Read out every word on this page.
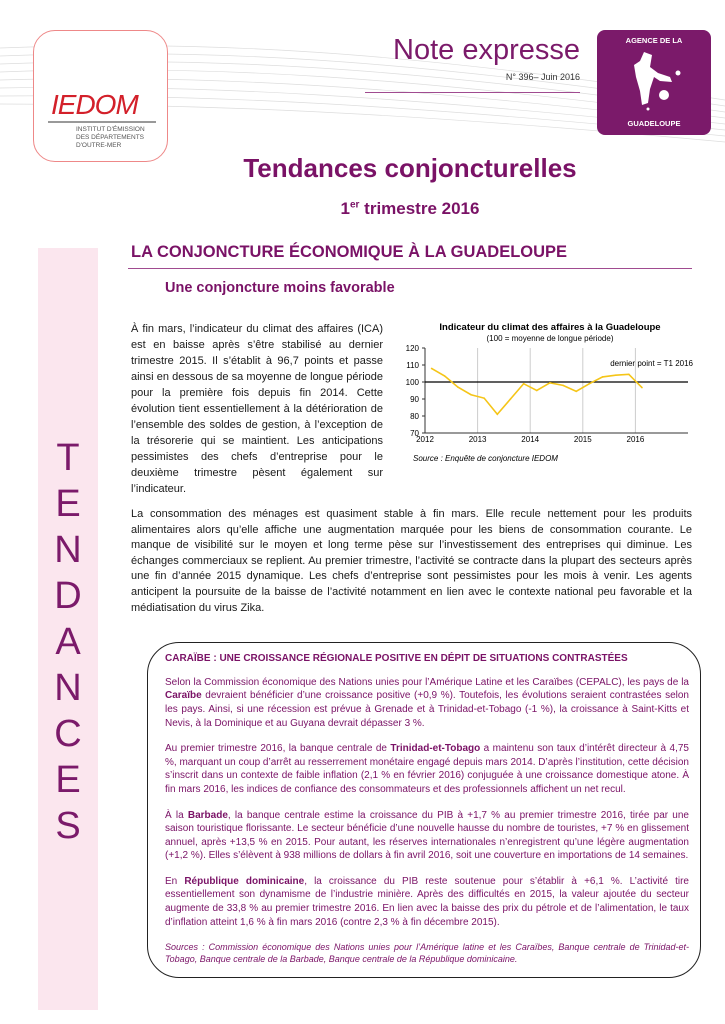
IEDOM
INSTITUT D'ÉMISSION
DES DÉPARTEMENTS
D'OUTRE-MER
Note expresse
N° 396– Juin 2016
AGENCE DE LA
GUADELOUPE
Tendances conjoncturelles
1er trimestre 2016
T
E
N
D
A
N
C
E
S
LA CONJONCTURE ÉCONOMIQUE À LA GUADELOUPE
Une conjoncture moins favorable

À fin mars, l’indicateur du climat des affaires (ICA) est en baisse après s’être stabilisé au dernier trimestre 2015. Il s’établit à 96,7 points et passe ainsi en dessous de sa moyenne de longue période pour la première fois depuis fin 2014. Cette évolution tient essentiellement à la détérioration de l’ensemble des soldes de gestion, à l’exception de la trésorerie qui se maintient. Les anticipations pessimistes des chefs d’entreprise pour le deuxième trimestre pèsent également sur l’indicateur.

Indicateur du climat des affaires à la Guadeloupe
(100 = moyenne de longue période)
2012	2013	2014	2015	2016
70
80
90
100
110
120
dernier point = T1 2016
Source : Enquête de conjoncture IEDOM

La consommation des ménages est quasiment stable à fin mars. Elle recule nettement pour les produits alimentaires alors qu’elle affiche une augmentation marquée pour les biens de consommation courante. Le manque de visibilité sur le moyen et long terme pèse sur l’investissement des entreprises qui diminue. Les échanges commerciaux se replient. Au premier trimestre, l’activité se contracte dans la plupart des secteurs après une fin d’année 2015 dynamique. Les chefs d’entreprise sont pessimistes pour les mois à venir. Les agents anticipent la poursuite de la baisse de l’activité notamment en lien avec le contexte national peu favorable et la médiatisation du virus Zika.

CARAÏBE : UNE CROISSANCE RÉGIONALE POSITIVE EN DÉPIT DE SITUATIONS CONTRASTÉES

Selon la Commission économique des Nations unies pour l’Amérique Latine et les Caraïbes (CEPALC), les pays de la Caraïbe devraient bénéficier d’une croissance positive (+0,9 %). Toutefois, les évolutions seraient contrastées selon les pays. Ainsi, si une récession est prévue à Grenade et à Trinidad-et-Tobago (-1 %), la croissance à Saint-Kitts et Nevis, à la Dominique et au Guyana devrait dépasser 3 %.

Au premier trimestre 2016, la banque centrale de Trinidad-et-Tobago a maintenu son taux d’intérêt directeur à 4,75 %, marquant un coup d’arrêt au resserrement monétaire engagé depuis mars 2014. D’après l’institution, cette décision s’inscrit dans un contexte de faible inflation (2,1 % en février 2016) conjuguée à une croissance domestique atone. À fin mars 2016, les indices de confiance des consommateurs et des professionnels affichent un net recul.

À la Barbade, la banque centrale estime la croissance du PIB à +1,7 % au premier trimestre 2016, tirée par une saison touristique florissante. Le secteur bénéficie d’une nouvelle hausse du nombre de touristes, +7 % en glissement annuel, après +13,5 % en 2015. Pour autant, les réserves internationales n’enregistrent qu’une légère augmentation (+1,2 %). Elles s’élèvent à 938 millions de dollars à fin avril 2016, soit une couverture en importations de 14 semaines.

En République dominicaine, la croissance du PIB reste soutenue pour s’établir à +6,1 %. L’activité tire essentiellement son dynamisme de l’industrie minière. Après des difficultés en 2015, la valeur ajoutée du secteur augmente de 33,8 % au premier trimestre 2016. En lien avec la baisse des prix du pétrole et de l’alimentation, le taux d’inflation atteint 1,6 % à fin mars 2016 (contre 2,3 % à fin décembre 2015).

Sources : Commission économique des Nations unies pour l’Amérique latine et les Caraïbes, Banque centrale de Trinidad-et-Tobago, Banque centrale de la Barbade, Banque centrale de la République dominicaine.
